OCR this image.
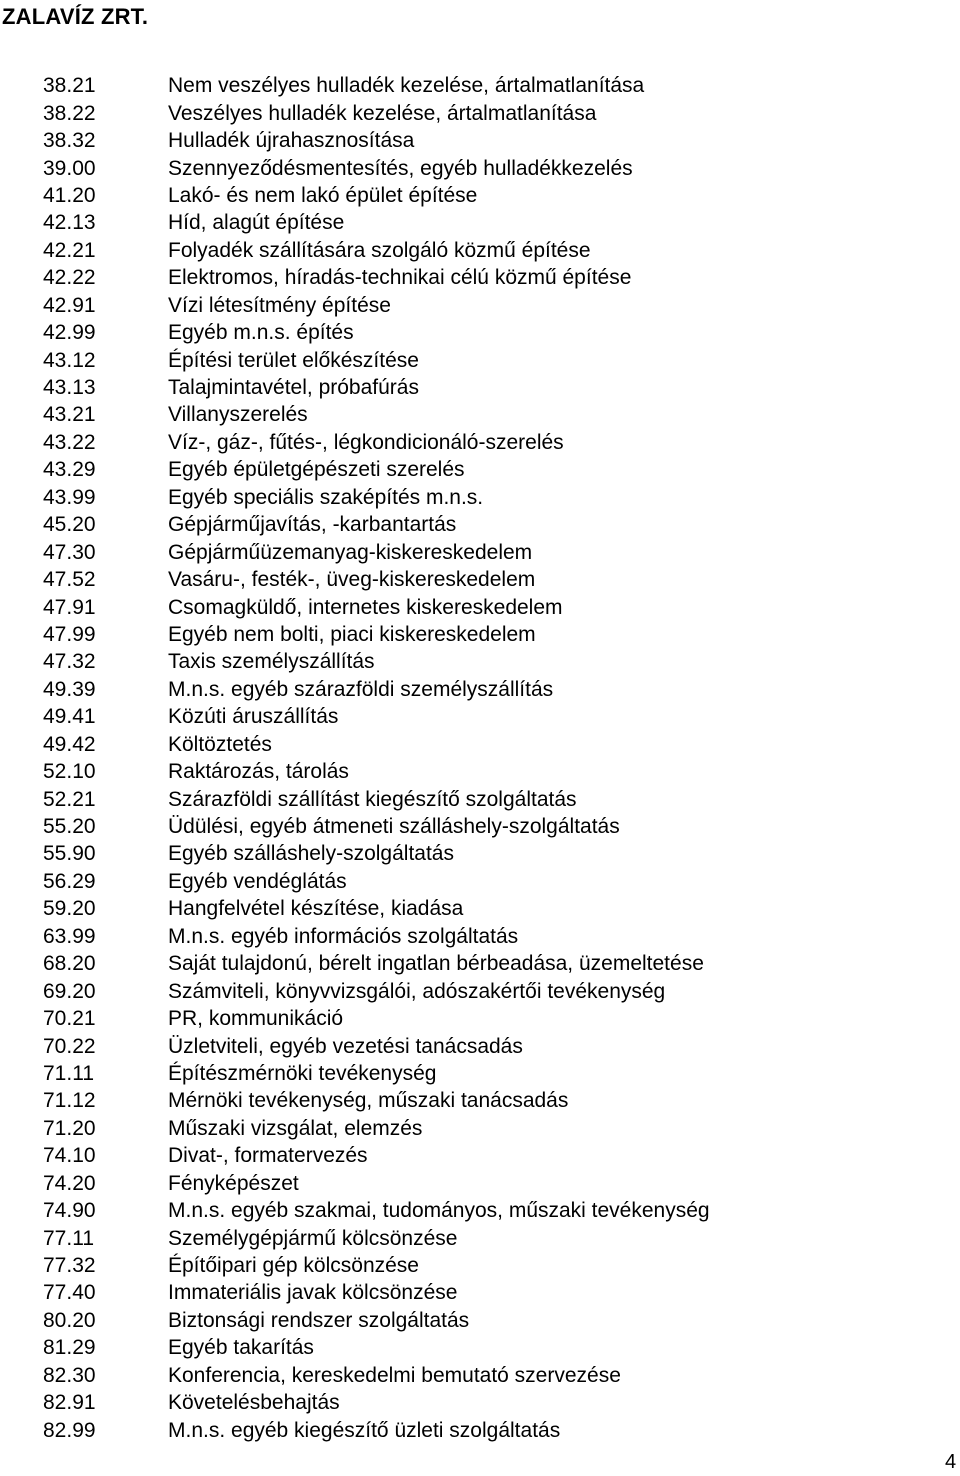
ZALAVÍZ ZRT.
38.21	Nem veszélyes hulladék kezelése, ártalmatlanítása
38.22	Veszélyes hulladék kezelése, ártalmatlanítása
38.32	Hulladék újrahasznosítása
39.00	Szennyeződésmentesítés, egyéb hulladékkezelés
41.20	Lakó- és nem lakó épület építése
42.13	Híd, alagút építése
42.21	Folyadék szállítására szolgáló közmű építése
42.22	Elektromos, híradás-technikai célú közmű építése
42.91	Vízi létesítmény építése
42.99	Egyéb m.n.s. építés
43.12	Építési terület előkészítése
43.13	Talajmintavétel, próbafúrás
43.21	Villanyszerelés
43.22	Víz-, gáz-, fűtés-, légkondicionáló-szerelés
43.29	Egyéb épületgépészeti szerelés
43.99	Egyéb speciális szaképítés m.n.s.
45.20	Gépjárműjavítás, -karbantartás
47.30	Gépjárműüzemanyag-kiskereskedelem
47.52	Vasáru-, festék-, üveg-kiskereskedelem
47.91	Csomagküldő, internetes kiskereskedelem
47.99	Egyéb nem bolti, piaci kiskereskedelem
47.32	Taxis személyszállítás
49.39	M.n.s. egyéb szárazföldi személyszállítás
49.41	Közúti áruszállítás
49.42	Költöztetés
52.10	Raktározás, tárolás
52.21	Szárazföldi szállítást kiegészítő szolgáltatás
55.20	Üdülési, egyéb átmeneti szálláshely-szolgáltatás
55.90	Egyéb szálláshely-szolgáltatás
56.29	Egyéb vendéglátás
59.20	Hangfelvétel készítése, kiadása
63.99	M.n.s. egyéb információs szolgáltatás
68.20	Saját tulajdonú, bérelt ingatlan bérbeadása, üzemeltetése
69.20	Számviteli, könyvvizsgálói, adószakértői tevékenység
70.21	PR, kommunikáció
70.22	Üzletviteli, egyéb vezetési tanácsadás
71.11	Építészmérnöki tevékenység
71.12	Mérnöki tevékenység, műszaki tanácsadás
71.20	Műszaki vizsgálat, elemzés
74.10	Divat-, formatervezés
74.20	Fényképészet
74.90	M.n.s. egyéb szakmai, tudományos, műszaki tevékenység
77.11	Személygépjármű kölcsönzése
77.32	Építőipari gép kölcsönzése
77.40	Immateriális javak kölcsönzése
80.20	Biztonsági rendszer szolgáltatás
81.29	Egyéb takarítás
82.30	Konferencia, kereskedelmi bemutató szervezése
82.91	Követelésbehajtás
82.99	M.n.s. egyéb kiegészítő üzleti szolgáltatás
4
